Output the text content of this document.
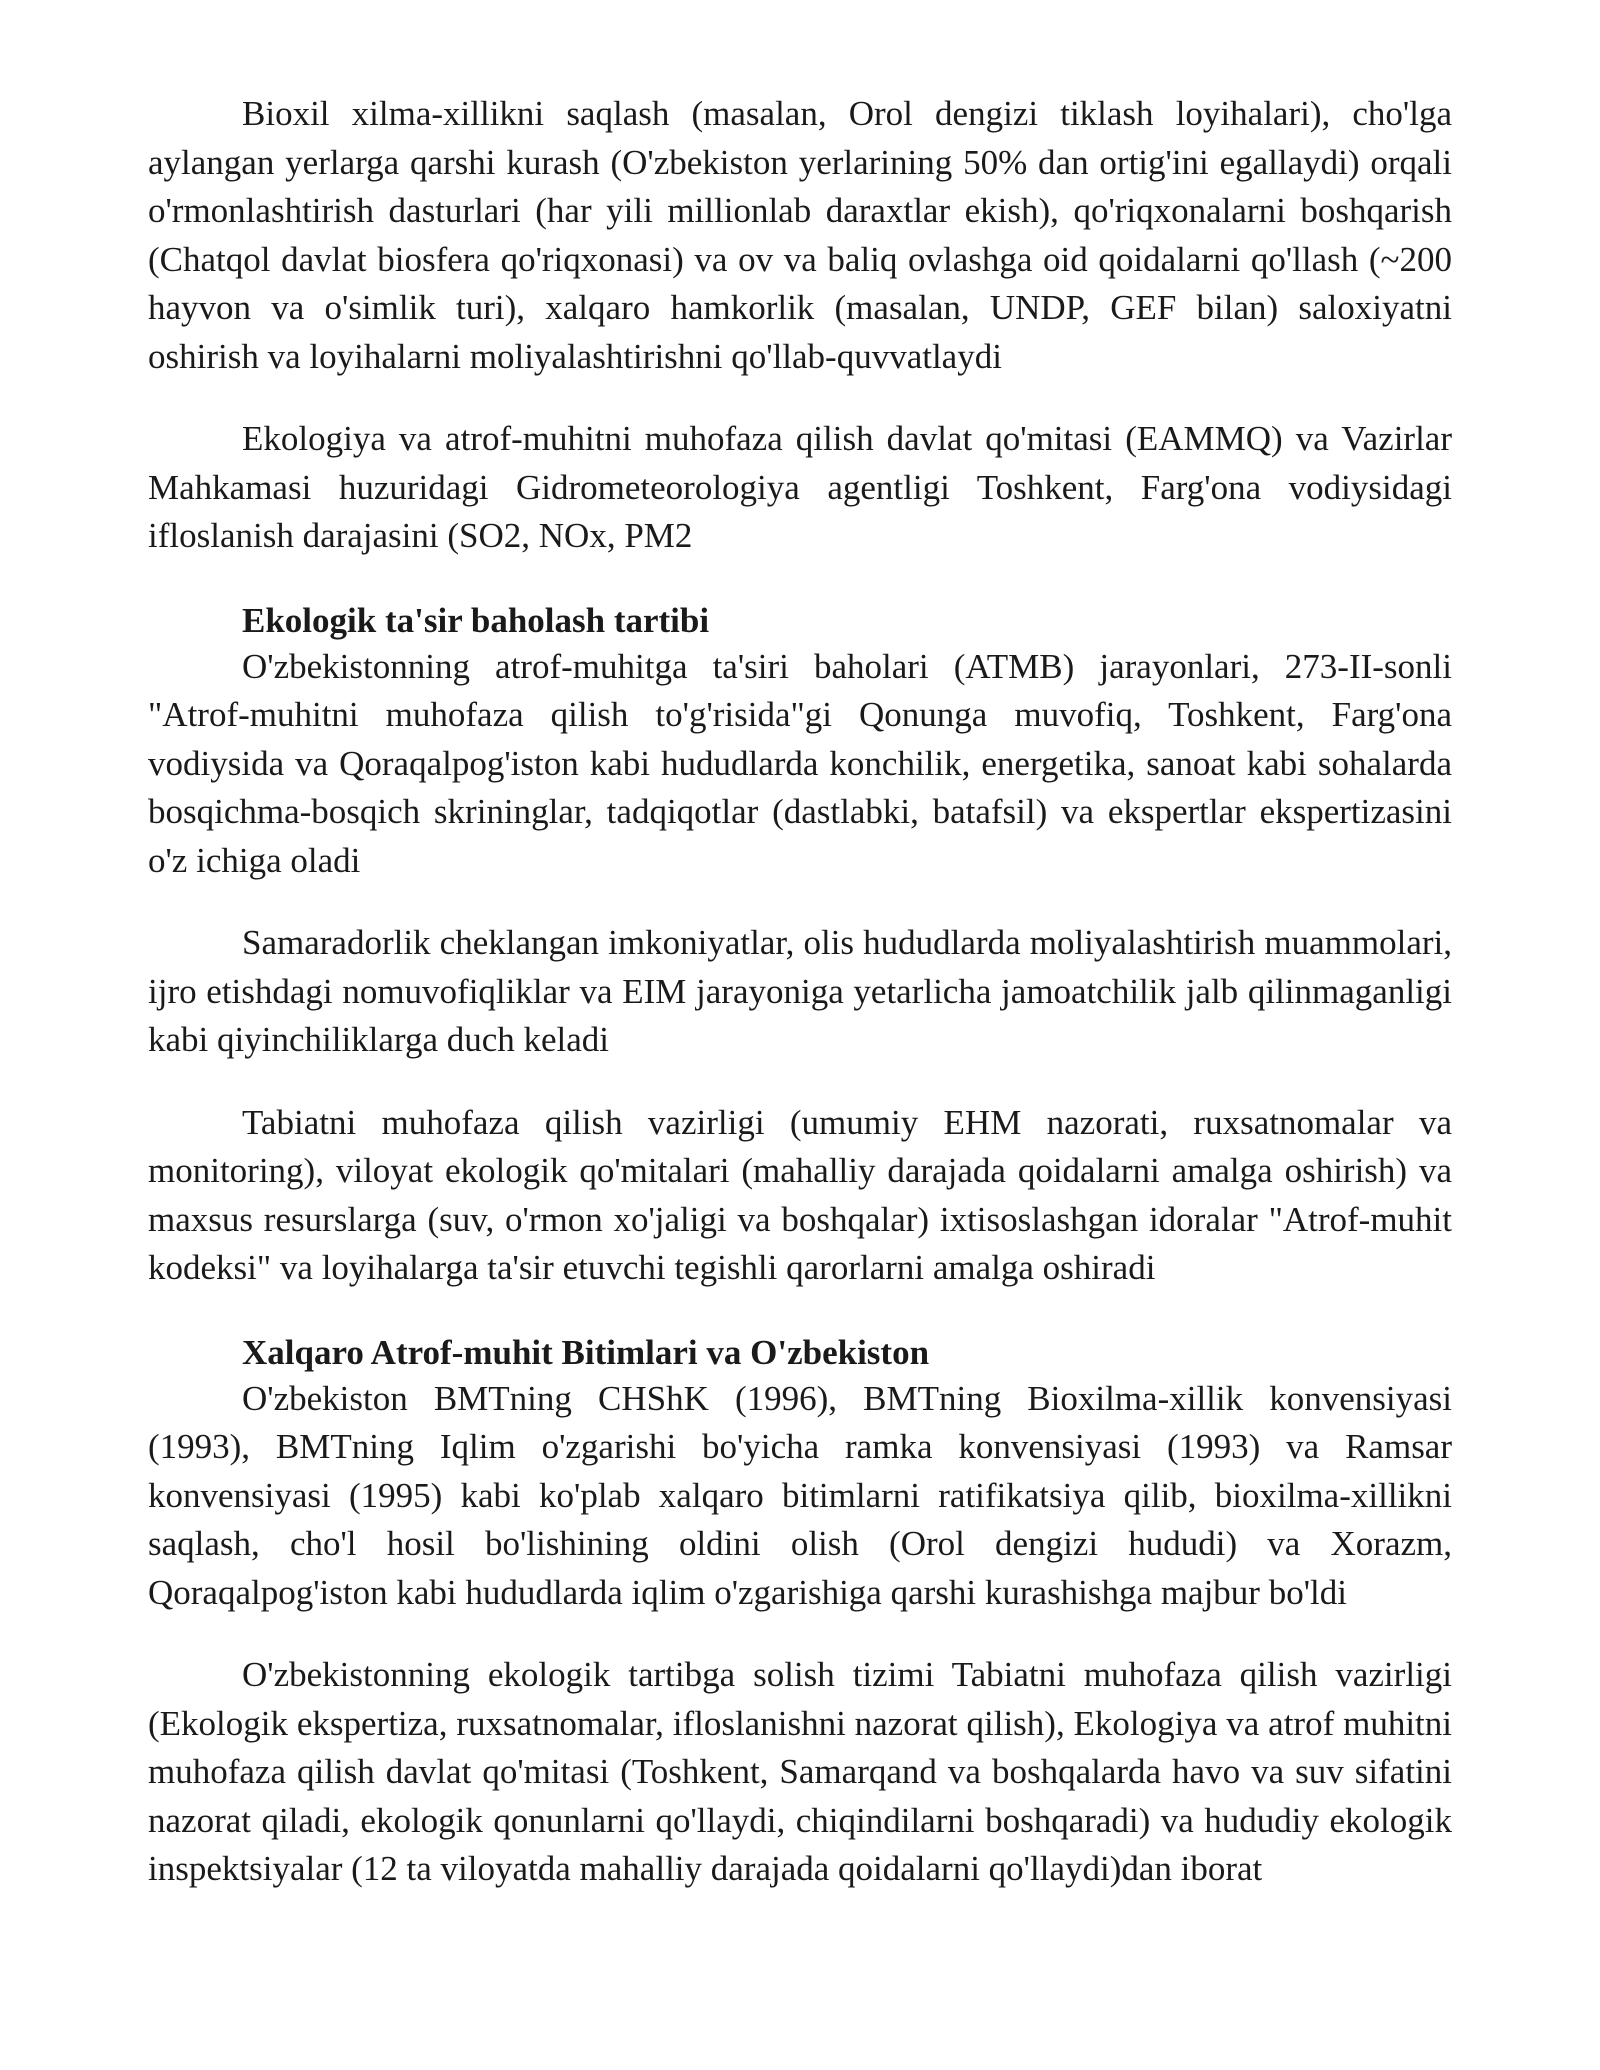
Bioxil xilma-xillikni saqlash (masalan, Orol dengizi tiklash loyihalari), cho'lga aylangan yerlarga qarshi kurash (O'zbekiston yerlarining 50% dan ortig'ini egallaydi) orqali o'rmonlashtirish dasturlari (har yili millionlab daraxtlar ekish), qo'riqxonalarni boshqarish (Chatqol davlat biosfera qo'riqxonasi) va ov va baliq ovlashga oid qoidalarni qo'llash (~200 hayvon va o'simlik turi), xalqaro hamkorlik (masalan, UNDP, GEF bilan) saloxiyatni oshirish va loyihalarni moliyalashtirishni qo'llab-quvvatlaydi

Ekologiya va atrof-muhitni muhofaza qilish davlat qo'mitasi (EAMMQ) va Vazirlar Mahkamasi huzuridagi Gidrometeorologiya agentligi Toshkent, Farg'ona vodiysidagi ifloslanish darajasini (SO2, NOx, PM2

Ekologik ta'sir baholash tartibi

O'zbekistonning atrof-muhitga ta'siri baholari (ATMB) jarayonlari, 273-II-sonli "Atrof-muhitni muhofaza qilish to'g'risida"gi Qonunga muvofiq, Toshkent, Farg'ona vodiysida va Qoraqalpog'iston kabi hududlarda konchilik, energetika, sanoat kabi sohalarda bosqichma-bosqich skrininglar, tadqiqotlar (dastlabki, batafsil) va ekspertlar ekspertizasini o'z ichiga oladi

Samaradorlik cheklangan imkoniyatlar, olis hududlarda moliyalashtirish muammolari, ijro etishdagi nomuvofiqliklar va EIM jarayoniga yetarlicha jamoatchilik jalb qilinmaganligi kabi qiyinchiliklarga duch keladi

Tabiatni muhofaza qilish vazirligi (umumiy EHM nazorati, ruxsatnomalar va monitoring), viloyat ekologik qo'mitalari (mahalliy darajada qoidalarni amalga oshirish) va maxsus resurslarga (suv, o'rmon xo'jaligi va boshqalar) ixtisoslashgan idoralar "Atrof-muhit kodeksi" va loyihalarga ta'sir etuvchi tegishli qarorlarni amalga oshiradi

Xalqaro Atrof-muhit Bitimlari va O'zbekiston

O'zbekiston BMTning CHShK (1996), BMTning Bioxilma-xillik konvensiyasi (1993), BMTning Iqlim o'zgarishi bo'yicha ramka konvensiyasi (1993) va Ramsar konvensiyasi (1995) kabi ko'plab xalqaro bitimlarni ratifikatsiya qilib, bioxilma-xillikni saqlash, cho'l hosil bo'lishining oldini olish (Orol dengizi hududi) va Xorazm, Qoraqalpog'iston kabi hududlarda iqlim o'zgarishiga qarshi kurashishga majbur bo'ldi

O'zbekistonning ekologik tartibga solish tizimi Tabiatni muhofaza qilish vazirligi (Ekologik ekspertiza, ruxsatnomalar, ifloslanishni nazorat qilish), Ekologiya va atrof muhitni muhofaza qilish davlat qo'mitasi (Toshkent, Samarqand va boshqalarda havo va suv sifatini nazorat qiladi, ekologik qonunlarni qo'llaydi, chiqindilarni boshqaradi) va hududiy ekologik inspektsiyalar (12 ta viloyatda mahalliy darajada qoidalarni qo'llaydi)dan iborat
